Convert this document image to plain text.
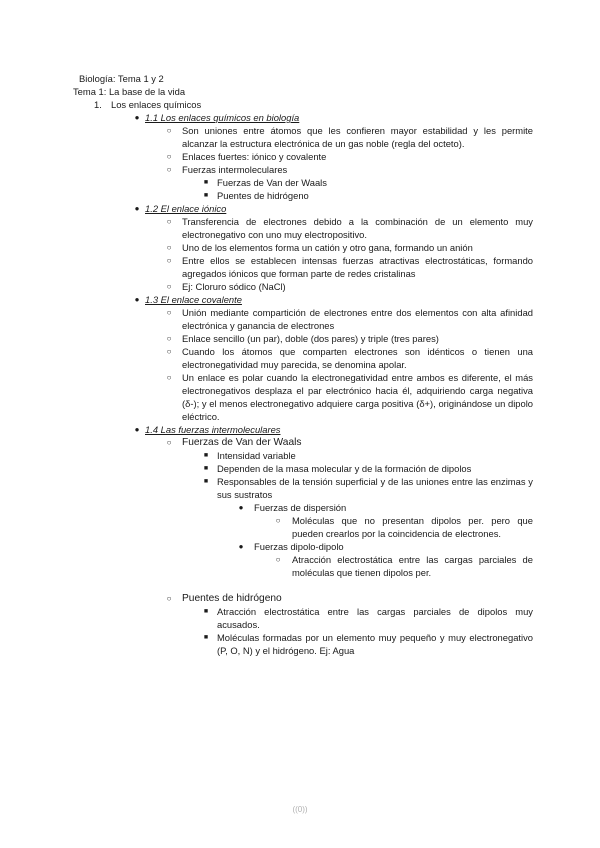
Biología: Tema 1 y 2
Tema 1: La base de la vida
1. Los enlaces químicos
● 1.1 Los enlaces químicos en biología
○	Son uniones entre átomos que les confieren mayor estabilidad y les permite alcanzar la estructura electrónica de un gas noble (regla del octeto).
○	Enlaces fuertes: iónico y covalente
○	Fuerzas intermoleculares
■ Fuerzas de Van der Waals
■ Puentes de hidrógeno
● 1.2 El enlace iónico
○	Transferencia de electrones debido a la combinación de un elemento muy electronegativo con uno muy electropositivo.
○	Uno de los elementos forma un catión y otro gana, formando un anión
○	Entre ellos se establecen intensas fuerzas atractivas electrostáticas, formando agregados iónicos que forman parte de redes cristalinas
○	Ej: Cloruro sódico (NaCl)
● 1.3 El enlace covalente
○	Unión mediante compartición de electrones entre dos elementos con alta afinidad electrónica y ganancia de electrones
○	Enlace sencillo (un par), doble (dos pares) y triple (tres pares)
○	Cuando los átomos que comparten electrones son idénticos o tienen una electronegatividad muy parecida, se denomina apolar.
○	Un enlace es polar cuando la electronegatividad entre ambos es diferente, el más electronegativos desplaza el par electrónico hacia él, adquiriendo carga negativa (δ-); y el menos electronegativo adquiere carga positiva (δ+), originándose un dipolo eléctrico.
● 1.4 Las fuerzas intermoleculares
○	Fuerzas de Van der Waals
■ Intensidad variable
■ Dependen de la masa molecular y de la formación de dipolos
■ Responsables de la tensión superficial y de las uniones entre las enzimas y sus sustratos
●	Fuerzas de dispersión
○	Moléculas que no presentan dipolos per. pero que pueden crearlos por la coincidencia de electrones.
●	Fuerzas dipolo-dipolo
○	Atracción electrostática entre las cargas parciales de moléculas que tienen dipolos per.
○	Puentes de hidrógeno
■ Atracción electrostática entre las cargas parciales de dipolos muy acusados.
■ Moléculas formadas por un elemento muy pequeño y muy electronegativo (P, O, N) y el hidrógeno. Ej: Agua
((0))
